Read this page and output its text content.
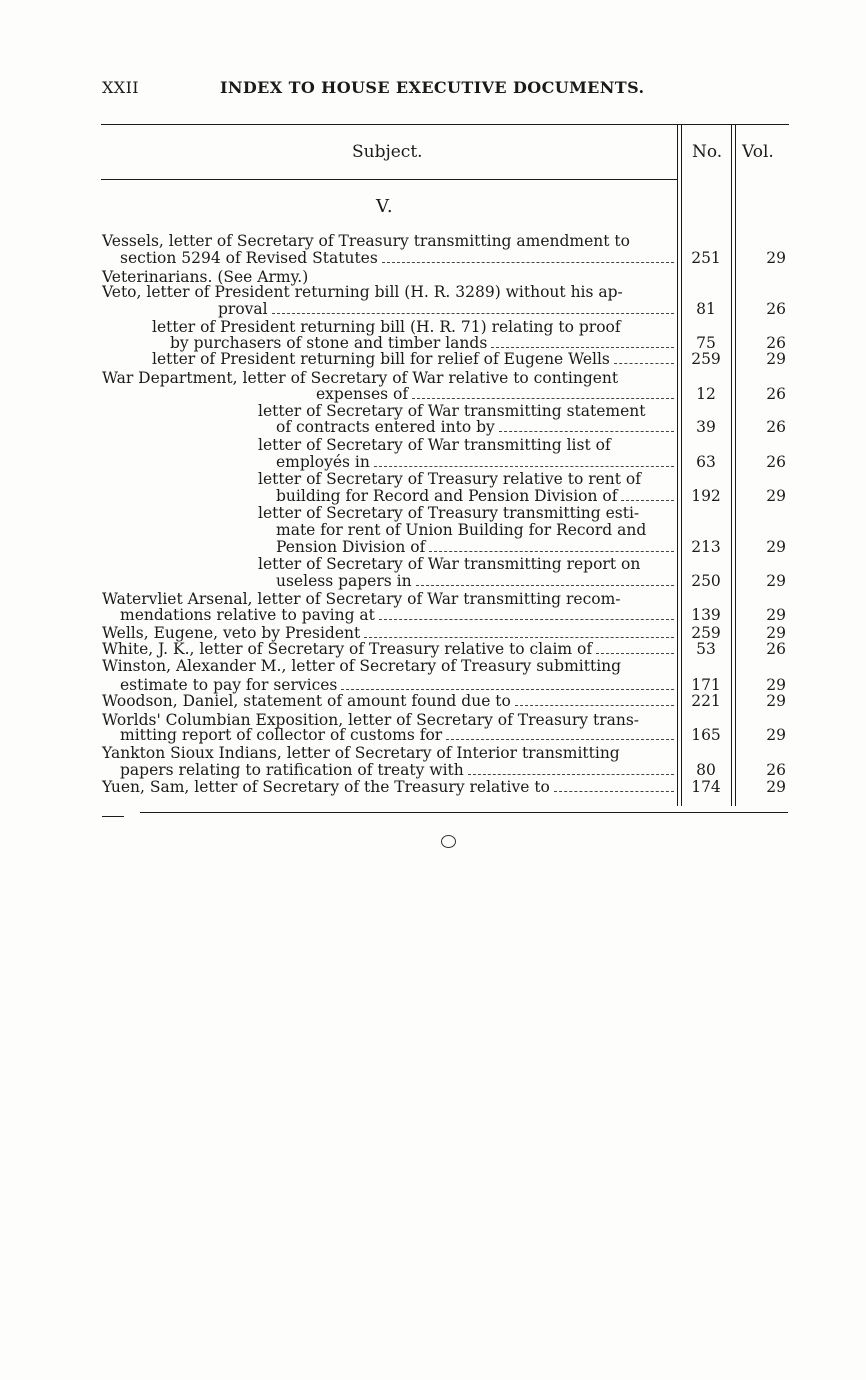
XXII	INDEX TO HOUSE EXECUTIVE DOCUMENTS.
Subject.	No. Vol.
V.
Vessels, letter of Secretary of Treasury transmitting amendment to
section 5294 of Revised Statutes	251	29
Veterinarians. (See Army.)
Veto, letter of President returning bill (H. R. 3289) without his ap-
proval	81	26
letter of President returning bill (H. R. 71) relating to proof
by purchasers of stone and timber lands	75	26
letter of President returning bill for relief of Eugene Wells	259	29
War Department, letter of Secretary of War relative to contingent
expenses of	12	26
letter of Secretary of War transmitting statement
of contracts entered into by	39	26
letter of Secretary of War transmitting list of
employés in	63	26
letter of Secretary of Treasury relative to rent of
building for Record and Pension Division of	192	29
letter of Secretary of Treasury transmitting esti-
mate for rent of Union Building for Record and
Pension Division of	213	29
letter of Secretary of War transmitting report on
useless papers in	250	29
Watervliet Arsenal, letter of Secretary of War transmitting recom-
mendations relative to paving at	139	29
Wells, Eugene, veto by President	259	29
White, J. K., letter of Secretary of Treasury relative to claim of	53	26
Winston, Alexander M., letter of Secretary of Treasury submitting
estimate to pay for services	171	29
Woodson, Daniel, statement of amount found due to	221	29
Worlds' Columbian Exposition, letter of Secretary of Treasury trans-
mitting report of collector of customs for	165	29
Yankton Sioux Indians, letter of Secretary of Interior transmitting
papers relating to ratification of treaty with	80	26
Yuen, Sam, letter of Secretary of the Treasury relative to	174	29
